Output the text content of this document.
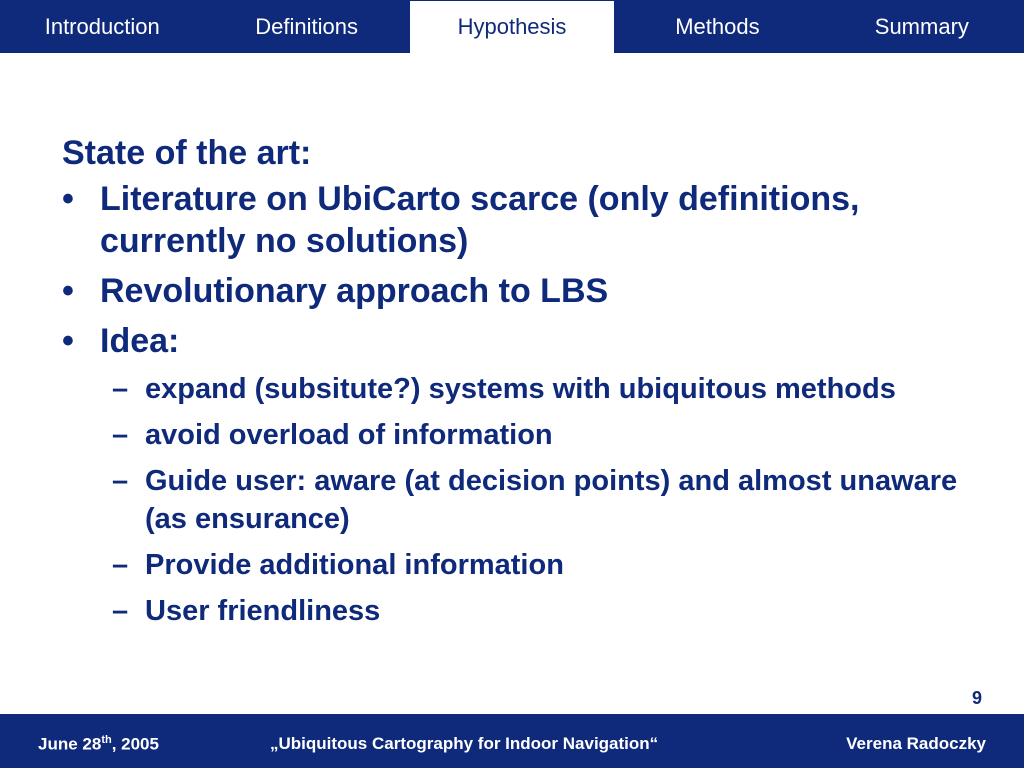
Introduction	Definitions	Hypothesis	Methods	Summary
State of the art:
• Literature on UbiCarto scarce (only definitions, currently no solutions)
• Revolutionary approach to LBS
• Idea:
– expand (subsitute?) systems with ubiquitous methods
– avoid overload of information
– Guide user: aware (at decision points) and almost unaware (as ensurance)
– Provide additional information
– User friendliness
9
June 28th, 2005	„Ubiquitous Cartography for Indoor Navigation“	Verena Radoczky
